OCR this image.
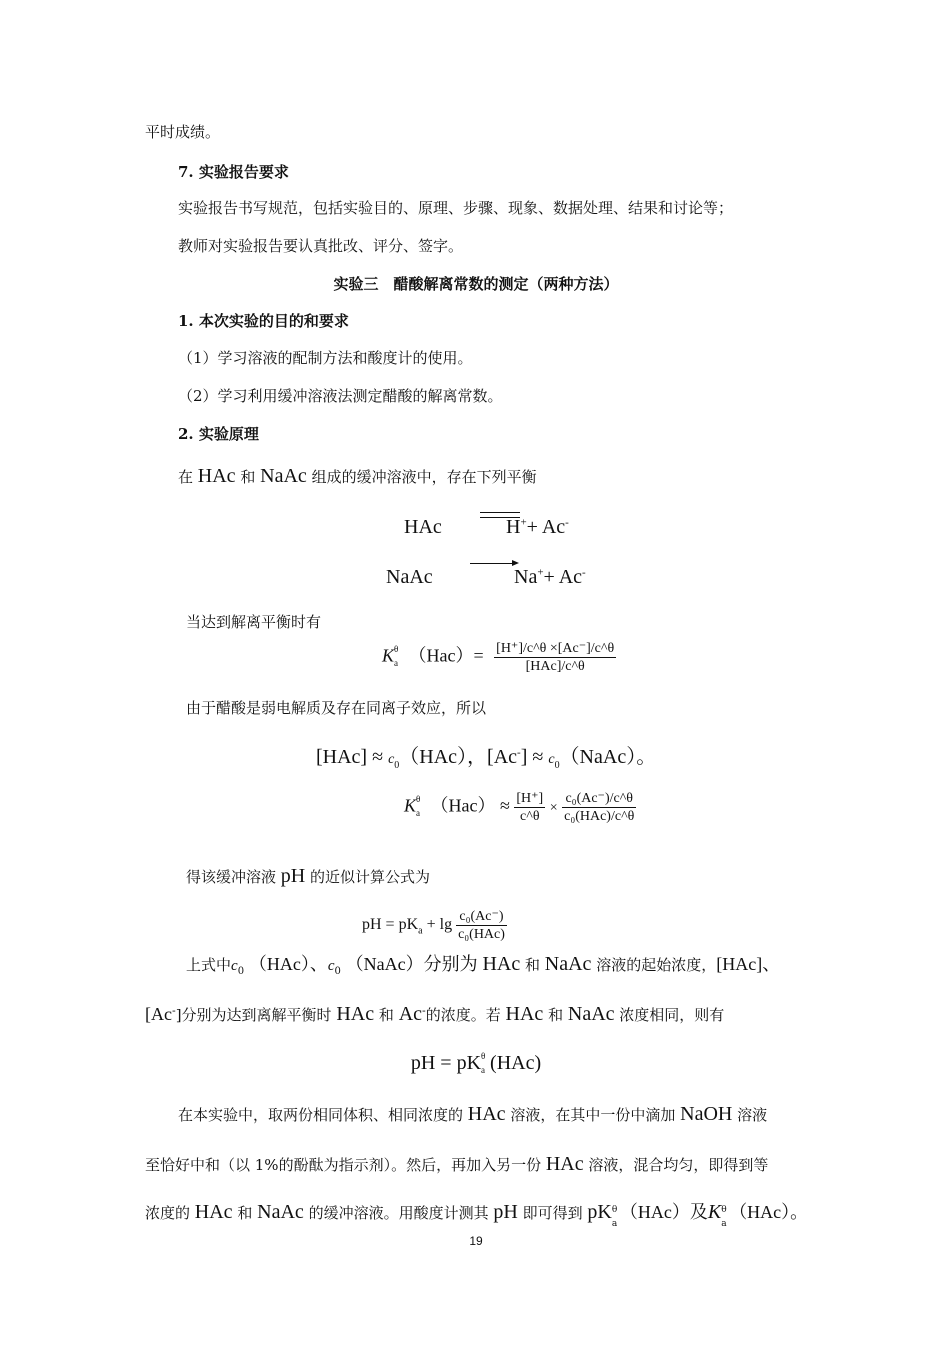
平时成绩。
7. 实验报告要求
实验报告书写规范，包括实验目的、原理、步骤、现象、数据处理、结果和讨论等；
教师对实验报告要认真批改、评分、签字。
实验三　醋酸解离常数的测定（两种方法）
1. 本次实验的目的和要求
（1）学习溶液的配制方法和酸度计的使用。
（2）学习利用缓冲溶液法测定醋酸的解离常数。
2. 实验原理
在 HAc 和 NaAc 组成的缓冲溶液中，存在下列平衡
HAc	H++ Ac-
NaAc	Na++ Ac-
当达到解离平衡时有
K θ
a $(Hac)= \frac{[H^+]/c\^{}\theta \times[Ac^-]/c\^{}\theta}{\text{[HAc]/c\textasciicircum{}θ}}$
由于醋酸是弱电解质及存在同离子效应，所以
$[HAc] \approx c_0(HAc)$，$[Ac^-] \approx c_0(NaAc)$。
K θ
a $(Hac) \approx \frac{[H^+]}{c\^{}\theta} \times \frac{\text{c₀(Ac⁻)/c\textasciicircum{}θ}}{\text{c₀(HAc)/c\textasciicircum{}θ}}$
得该缓冲溶液 pH 的近似计算公式为
pH = $pK_a + \lg \frac{\text{c₀(Ac⁻)}}{\text{c₀(HAc)}}$
上式中$c_0$ （HAc）、$c_0$ （NaAc）分别为 HAc 和 NaAc 溶液的起始浓度，[HAc]、
[Ac-]分别为达到离解平衡时 HAc 和 Ac-的浓度。若 HAc 和 NaAc 浓度相同，则有
pH = pK θ
a (HAc)
在本实验中，取两份相同体积、相同浓度的 HAc 溶液，在其中一份中滴加 NaOH 溶液
至恰好中和（以 1%的酚酞为指示剂）。然后，再加入另一份 HAc 溶液，混合均匀，即得到等
浓度的 HAc 和 NaAc 的缓冲溶液。用酸度计测其 pH 即可得到 pK θ
a
（HAc）及K θ
a
（HAc）。
19
